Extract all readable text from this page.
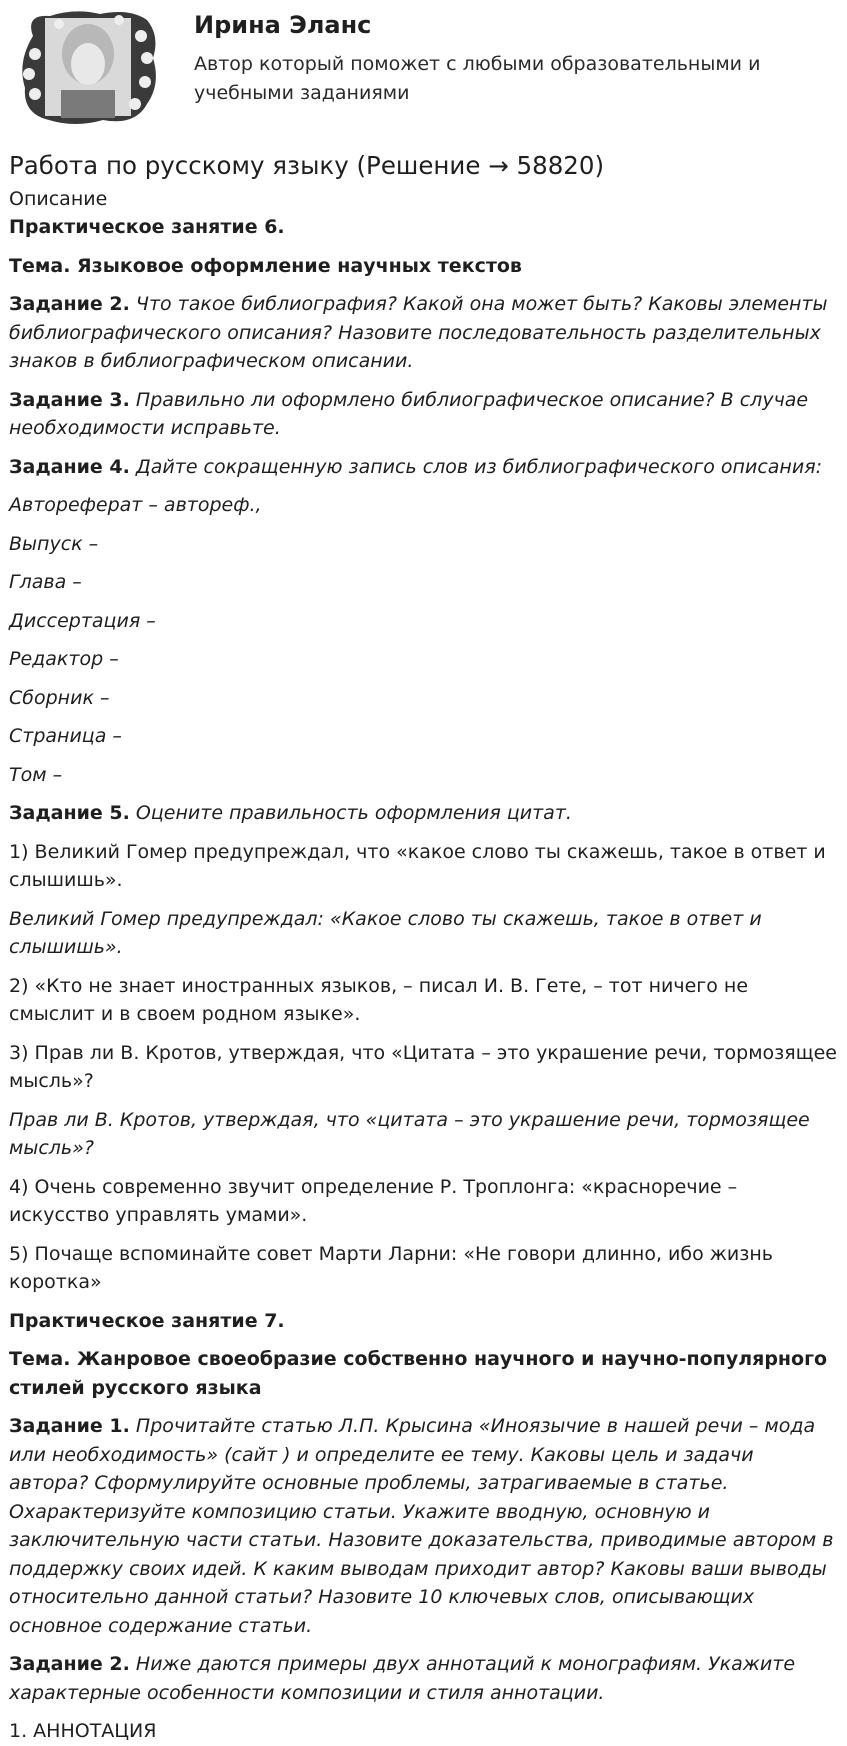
Ирина Эланс
Автор который поможет с любыми образовательными и учебными заданиями
Работа по русскому языку (Решение → 58820)
Описание

Практическое занятие 6.

Тема. Языковое оформление научных текстов

Задание 2. Что такое библиография? Какой она может быть? Каковы элементы библиографического описания? Назовите последовательность разделительных знаков в библиографическом описании.

Задание 3. Правильно ли оформлено библиографическое описание? В случае необходимости исправьте.

Задание 4. Дайте сокращенную запись слов из библиографического описания:

Автореферат – автореф.,

Выпуск –

Глава –

Диссертация –

Редактор –

Сборник –

Страница –

Том –

Задание 5. Оцените правильность оформления цитат.

1) Великий Гомер предупреждал, что «какое слово ты скажешь, такое в ответ и слышишь».

Великий Гомер предупреждал: «Какое слово ты скажешь, такое в ответ и слышишь».

2) «Кто не знает иностранных языков, – писал И. В. Гете, – тот ничего не смыслит и в своем родном языке».

3) Прав ли В. Кротов, утверждая, что «Цитата – это украшение речи, тормозящее мысль»?

Прав ли В. Кротов, утверждая, что «цитата – это украшение речи, тормозящее мысль»?

4) Очень современно звучит определение Р. Троплонга: «красноречие – искусство управлять умами».

5) Почаще вспоминайте совет Марти Ларни: «Не говори длинно, ибо жизнь коротка»

Практическое занятие 7.

Тема. Жанровое своеобразие собственно научного и научно-популярного стилей русского языка

Задание 1. Прочитайте статью Л.П. Крысина «Иноязычие в нашей речи – мода или необходимость» (сайт ) и определите ее тему. Каковы цель и задачи автора? Сформулируйте основные проблемы, затрагиваемые в статье. Охарактеризуйте композицию статьи. Укажите вводную, основную и заключительную части статьи. Назовите доказательства, приводимые автором в поддержку своих идей. К каким выводам приходит автор? Каковы ваши выводы относительно данной статьи? Назовите 10 ключевых слов, описывающих основное содержание статьи.

Задание 2. Ниже даются примеры двух аннотаций к монографиям. Укажите характерные особенности композиции и стиля аннотации.

1. АННОТАЦИЯ
